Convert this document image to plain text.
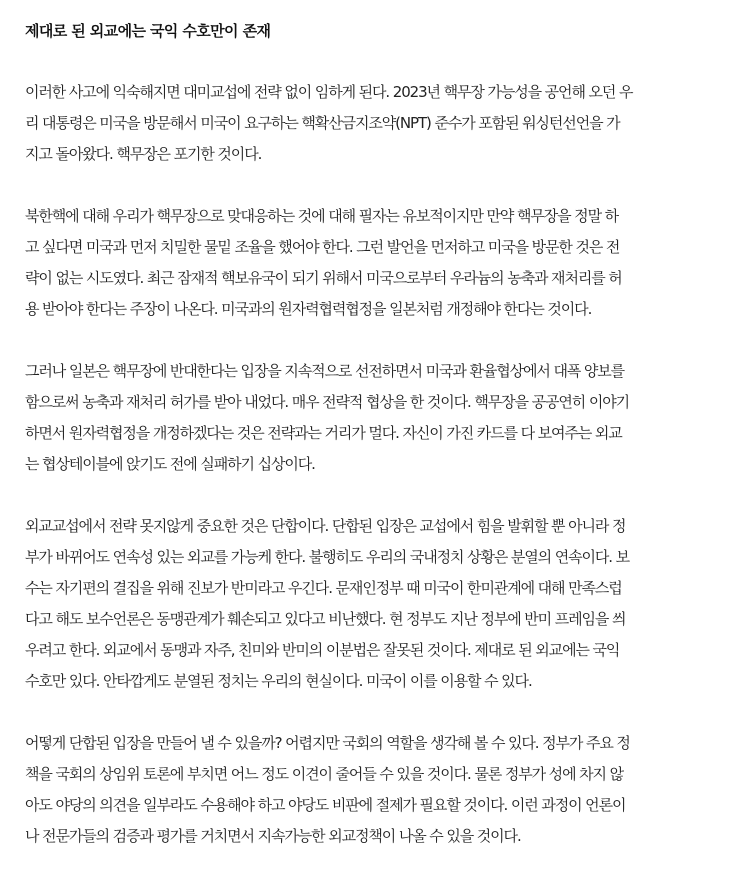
제대로 된 외교에는 국익 수호만이 존재

이러한 사고에 익숙해지면 대미교섭에 전략 없이 임하게 된다. 2023년 핵무장 가능성을 공언해 오던 우
리 대통령은 미국을 방문해서 미국이 요구하는 핵확산금지조약(NPT) 준수가 포함된 워싱턴선언을 가
지고 돌아왔다. 핵무장은 포기한 것이다.

북한핵에 대해 우리가 핵무장으로 맞대응하는 것에 대해 필자는 유보적이지만 만약 핵무장을 정말 하
고 싶다면 미국과 먼저 치밀한 물밑 조율을 했어야 한다. 그런 발언을 먼저하고 미국을 방문한 것은 전
략이 없는 시도였다. 최근 잠재적 핵보유국이 되기 위해서 미국으로부터 우라늄의 농축과 재처리를 허
용 받아야 한다는 주장이 나온다. 미국과의 원자력협력협정을 일본처럼 개정해야 한다는 것이다.

그러나 일본은 핵무장에 반대한다는 입장을 지속적으로 선전하면서 미국과 환율협상에서 대폭 양보를
함으로써 농축과 재처리 허가를 받아 내었다. 매우 전략적 협상을 한 것이다. 핵무장을 공공연히 이야기
하면서 원자력협정을 개정하겠다는 것은 전략과는 거리가 멀다. 자신이 가진 카드를 다 보여주는 외교
는 협상테이블에 앉기도 전에 실패하기 십상이다.

외교교섭에서 전략 못지않게 중요한 것은 단합이다. 단합된 입장은 교섭에서 힘을 발휘할 뿐 아니라 정
부가 바뀌어도 연속성 있는 외교를 가능케 한다. 불행히도 우리의 국내정치 상황은 분열의 연속이다. 보
수는 자기편의 결집을 위해 진보가 반미라고 우긴다. 문재인정부 때 미국이 한미관계에 대해 만족스럽
다고 해도 보수언론은 동맹관계가 훼손되고 있다고 비난했다. 현 정부도 지난 정부에 반미 프레임을 씌
우려고 한다. 외교에서 동맹과 자주, 친미와 반미의 이분법은 잘못된 것이다. 제대로 된 외교에는 국익
수호만 있다. 안타깝게도 분열된 정치는 우리의 현실이다. 미국이 이를 이용할 수 있다.

어떻게 단합된 입장을 만들어 낼 수 있을까? 어렵지만 국회의 역할을 생각해 볼 수 있다. 정부가 주요 정
책을 국회의 상임위 토론에 부치면 어느 정도 이견이 줄어들 수 있을 것이다. 물론 정부가 성에 차지 않
아도 야당의 의견을 일부라도 수용해야 하고 야당도 비판에 절제가 필요할 것이다. 이런 과정이 언론이
나 전문가들의 검증과 평가를 거치면서 지속가능한 외교정책이 나올 수 있을 것이다.
